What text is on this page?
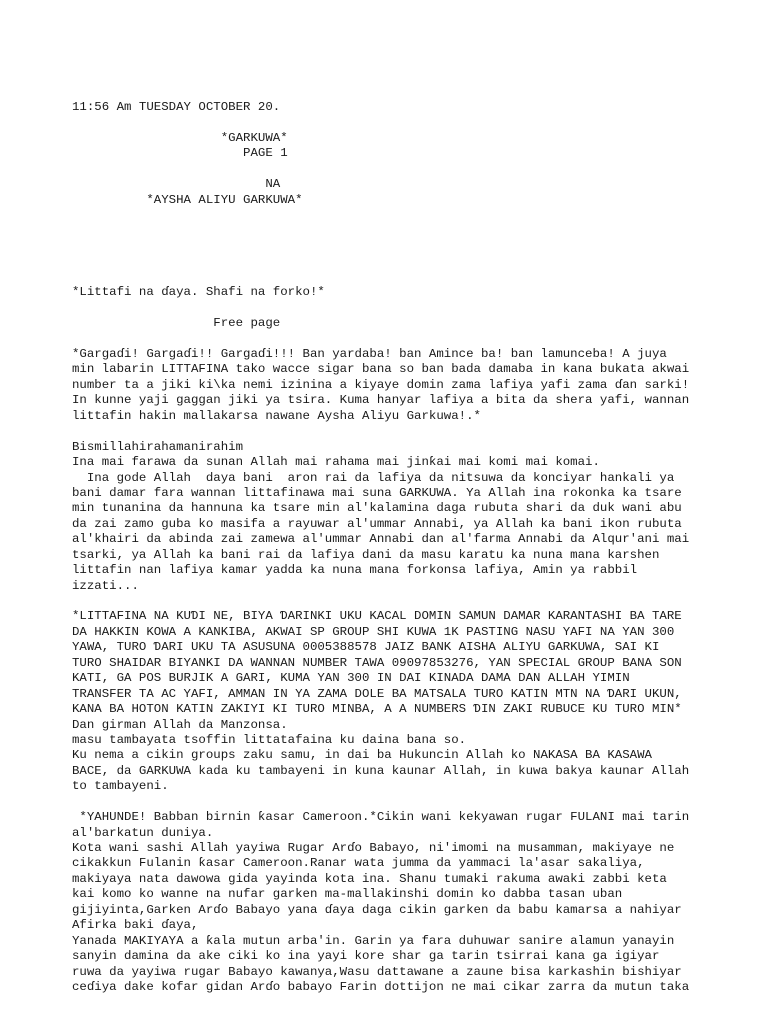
11:56 Am TUESDAY OCTOBER 20.
*GARKUWA*
PAGE 1
NA
*AYSHA ALIYU GARKUWA*
*Littafi na ɗaya. Shafi na forko!*
Free page
*Gargaɗi! Gargaɗi!! Gargaɗi!!! Ban yardaba! ban Amince ba! ban lamunceba! A juya
min labarin LITTAFINA tako wacce sigar bana so ban bada damaba in kana bukata akwai
number ta a jiki ki\ka nemi izinina a kiyaye domin zama lafiya yafi zama ɗan sarki!
In kunne yaji gaggan jiki ya tsira. Kuma hanyar lafiya a bita da shera yafi, wannan
littafin hakin mallakarsa nawane Aysha Aliyu Garkuwa!.*
Bismillahirahamanirahim
Ina mai farawa da sunan Allah mai rahama mai jinƙai mai komi mai komai.
Ina gode Allah  daya bani  aron rai da lafiya da nitsuwa da konciyar hankali ya
bani damar fara wannan littafinawa mai suna GARKUWA. Ya Allah ina rokonka ka tsare
min tunanina da hannuna ka tsare min al'kalamina daga rubuta shari da duk wani abu
da zai zamo guba ko masifa a rayuwar al'ummar Annabi, ya Allah ka bani ikon rubuta
al'khairi da abinda zai zamewa al'ummar Annabi dan al'farma Annabi da Alqur'ani mai
tsarki, ya Allah ka bani rai da lafiya dani da masu karatu ka nuna mana karshen
littafin nan lafiya kamar yadda ka nuna mana forkonsa lafiya, Amin ya rabbil
izzati...
*LITTAFINA NA KUƊI NE, BIYA ƊARINKI UKU KACAL DOMIN SAMUN DAMAR KARANTASHI BA TARE
DA HAKKIN KOWA A KANKIBA, AKWAI SP GROUP SHI KUWA 1K PASTING NASU YAFI NA YAN 300
YAWA, TURO ƊARI UKU TA ASUSUNA 0005388578 JAIZ BANK AISHA ALIYU GARKUWA, SAI KI
TURO SHAIDAR BIYANKI DA WANNAN NUMBER TAWA 09097853276, YAN SPECIAL GROUP BANA SON
KATI, GA POS BURJIK A GARI, KUMA YAN 300 IN DAI KINADA DAMA DAN ALLAH YIMIN
TRANSFER TA AC YAFI, AMMAN IN YA ZAMA DOLE BA MATSALA TURO KATIN MTN NA ƊARI UKUN,
KANA BA HOTON KATIN ZAKIYI KI TURO MINBA, A A NUMBERS ƊIN ZAKI RUBUCE KU TURO MIN*
Dan girman Allah da Manzonsa.
masu tambayata tsoffin littatafaina ku daina bana so.
Ku nema a cikin groups zaku samu, in dai ba Hukuncin Allah ko NAKASA BA KASAWA
BACE, da GARKUWA kada ku tambayeni in kuna kaunar Allah, in kuwa bakya kaunar Allah
to tambayeni.
*YAHUNDE! Babban birnin ƙasar Cameroon.*Cikin wani kekyawan rugar FULANI mai tarin
al'barkatun duniya.
Kota wani sashi Allah yayiwa Rugar Arɗo Babayo, ni'imomi na musamman, makiyaye ne
cikakkun Fulanin ƙasar Cameroon.Ranar wata jumma da yammaci la'asar sakaliya,
makiyaya nata dawowa gida yayinda kota ina. Shanu tumaki rakuma awaki zabbi keta
kai komo ko wanne na nufar garken ma-mallakinshi domin ko dabba tasan uban
gijiyinta,Garken Arɗo Babayo yana ɗaya daga cikin garken da babu kamarsa a nahiyar
Afirka baki ɗaya,
Yanada MAKIYAYA a ƙala mutun arba'in. Garin ya fara duhuwar sanire alamun yanayin
sanyin damina da ake ciki ko ina yayi kore shar ga tarin tsirrai kana ga igiyar
ruwa da yayiwa rugar Babayo kawanya,Wasu dattawane a zaune bisa karkashin bishiyar
ceɗiya dake kofar gidan Arɗo babayo Farin dottijon ne mai cikar zarra da mutun taka
